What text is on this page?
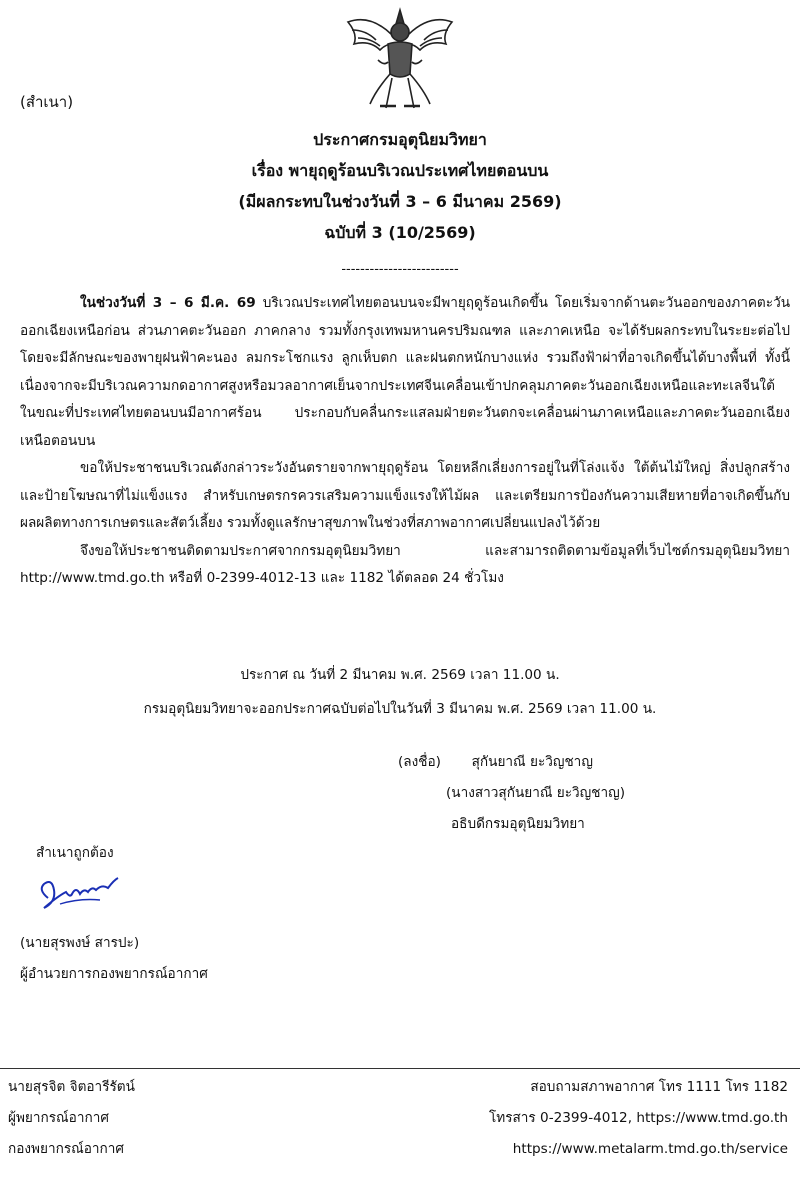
(สำเนา)
ประกาศกรมอุตุนิยมวิทยา
เรื่อง พายุฤดูร้อนบริเวณประเทศไทยตอนบน
(มีผลกระทบในช่วงวันที่ 3 – 6 มีนาคม 2569)
ฉบับที่ 3 (10/2569)
-------------------------

ในช่วงวันที่ 3 – 6 มี.ค. 69 บริเวณประเทศไทยตอนบนจะมีพายุฤดูร้อนเกิดขึ้น โดยเริ่มจากด้านตะวันออกของภาคตะวันออกเฉียงเหนือก่อน ส่วนภาคตะวันออก ภาคกลาง รวมทั้งกรุงเทพมหานครปริมณฑล และภาคเหนือ จะได้รับผลกระทบในระยะต่อไป โดยจะมีลักษณะของพายุฝนฟ้าคะนอง ลมกระโชกแรง ลูกเห็บตก และฝนตกหนักบางแห่ง รวมถึงฟ้าผ่าที่อาจเกิดขึ้นได้บางพื้นที่ ทั้งนี้เนื่องจากจะมีบริเวณความกดอากาศสูงหรือมวลอากาศเย็นจากประเทศจีนเคลื่อนเข้าปกคลุมภาคตะวันออกเฉียงเหนือและทะเลจีนใต้ ในขณะที่ประเทศไทยตอนบนมีอากาศร้อน ประกอบกับคลื่นกระแสลมฝ่ายตะวันตกจะเคลื่อนผ่านภาคเหนือและภาคตะวันออกเฉียงเหนือตอนบน

ขอให้ประชาชนบริเวณดังกล่าวระวังอันตรายจากพายุฤดูร้อน โดยหลีกเลี่ยงการอยู่ในที่โล่งแจ้ง ใต้ต้นไม้ใหญ่ สิ่งปลูกสร้าง และป้ายโฆษณาที่ไม่แข็งแรง สำหรับเกษตรกรควรเสริมความแข็งแรงให้ไม้ผล และเตรียมการป้องกันความเสียหายที่อาจเกิดขึ้นกับผลผลิตทางการเกษตรและสัตว์เลี้ยง รวมทั้งดูแลรักษาสุขภาพในช่วงที่สภาพอากาศเปลี่ยนแปลงไว้ด้วย

จึงขอให้ประชาชนติดตามประกาศจากกรมอุตุนิยมวิทยา และสามารถติดตามข้อมูลที่เว็บไซต์กรมอุตุนิยมวิทยา http://www.tmd.go.th หรือที่ 0-2399-4012-13 และ 1182 ได้ตลอด 24 ชั่วโมง

ประกาศ ณ วันที่ 2 มีนาคม พ.ศ. 2569 เวลา 11.00 น.
กรมอุตุนิยมวิทยาจะออกประกาศฉบับต่อไปในวันที่ 3 มีนาคม พ.ศ. 2569 เวลา 11.00 น.
(ลงชื่อ) สุกันยาณี ยะวิญชาญ
(นางสาวสุกันยาณี ยะวิญชาญ)
อธิบดีกรมอุตุนิยมวิทยา
สำเนาถูกต้อง
(นายสุรพงษ์ สารปะ)
ผู้อำนวยการกองพยากรณ์อากาศ
นายสุรจิต จิตอารีรัตน์
ผู้พยากรณ์อากาศ
กองพยากรณ์อากาศ
สอบถามสภาพอากาศ โทร 1111 โทร 1182
โทรสาร 0-2399-4012, https://www.tmd.go.th
https://www.metalarm.tmd.go.th/service
